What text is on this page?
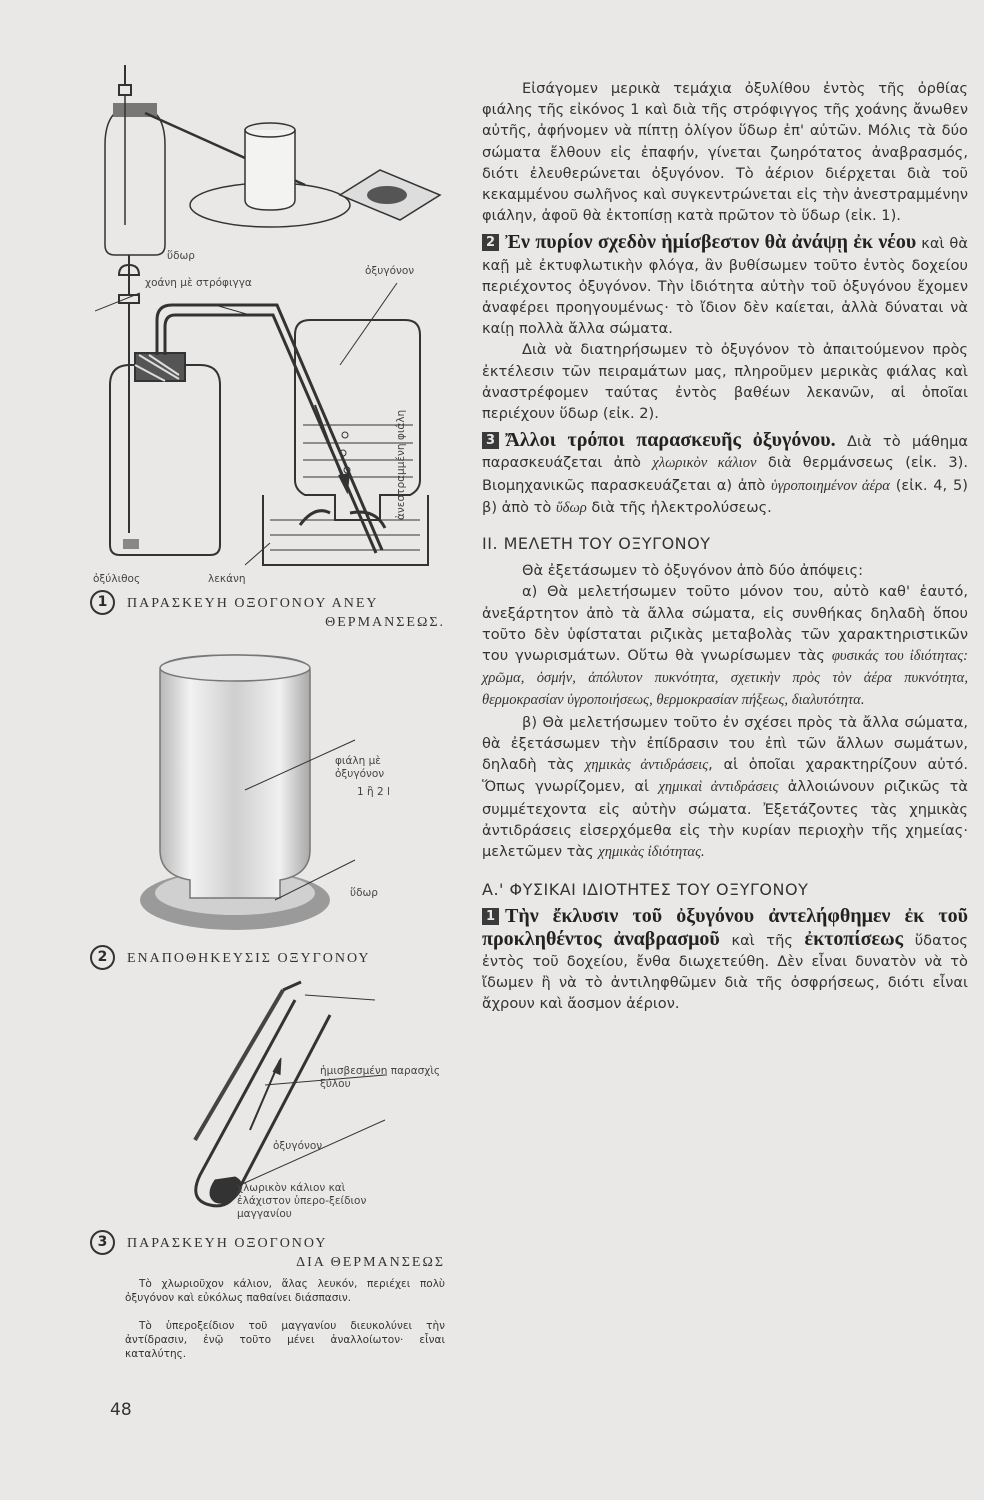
ὕδωρ
χοάνη μὲ στρόφιγγα
ὀξυγόνον
ἀνεστραμμένη φιάλη
ὀξύλιθος	λεκάνη
1 ΠΑΡΑΣΚΕΥΗ ΟΞΟΓΟΝΟΥ ΑΝΕΥ
ΘΕΡΜΑΝΣΕΩΣ.
φιάλη μὲ ὀξυγόνον
1 ἢ 2 l
ὕδωρ
2 ΕΝΑΠΟΘΗΚΕΥΣΙΣ ΟΞΥΓΟΝΟΥ
ἡμισβεσμένη παρασχὶς ξύλου
ὀξυγόνον
χλωρικὸν κάλιον καὶ ἐλάχιστον ὑπερο-ξείδιον μαγγανίου
3 ΠΑΡΑΣΚΕΥΗ ΟΞΟΓΟΝΟΥ
ΔΙΑ ΘΕΡΜΑΝΣΕΩΣ
Τὸ χλωριοῦχον κάλιον, ἅλας λευκόν, περιέχει πολὺ ὀξυγόνον καὶ εὐκόλως παθαίνει διάσπασιν.
Τὸ ὑπεροξείδιον τοῦ μαγγανίου διευκολύνει τὴν ἀντίδρασιν, ἐνῷ τοῦτο μένει ἀναλλοίωτον· εἶναι καταλύτης.

Εἰσάγομεν μερικὰ τεμάχια ὀξυλίθου ἐντὸς τῆς ὀρθίας φιάλης τῆς εἰκόνος 1 καὶ διὰ τῆς στρόφιγγος τῆς χοάνης ἄνωθεν αὐτῆς, ἀφήνομεν νὰ πίπτῃ ὀλίγον ὕδωρ ἐπ' αὐτῶν. Μόλις τὰ δύο σώματα ἔλθουν εἰς ἐπαφήν, γίνεται ζωηρότατος ἀναβρασμός, διότι ἐλευθερώνεται ὀξυγόνον. Τὸ ἀέριον διέρχεται διὰ τοῦ κεκαμμένου σωλῆνος καὶ συγκεντρώνεται εἰς τὴν ἀνεστραμμένην φιάλην, ἀφοῦ θὰ ἐκτοπίσῃ κατὰ πρῶτον τὸ ὕδωρ (εἰκ. 1).

2 Ἐν πυρίον σχεδὸν ἡμίσβεστον θὰ ἀνάψῃ ἐκ νέου καὶ θὰ καῇ μὲ ἐκτυφλωτικὴν φλόγα, ἂν βυθίσωμεν τοῦτο ἐντὸς δοχείου περιέχοντος ὀξυγόνον. Τὴν ἰδιότητα αὐτὴν τοῦ ὀξυγόνου ἔχομεν ἀναφέρει προηγουμένως· τὸ ἴδιον δὲν καίεται, ἀλλὰ δύναται νὰ καίῃ πολλὰ ἄλλα σώματα.

Διὰ νὰ διατηρήσωμεν τὸ ὀξυγόνον τὸ ἀπαιτούμενον πρὸς ἐκτέλεσιν τῶν πειραμάτων μας, πληροῦμεν μερικὰς φιάλας καὶ ἀναστρέφομεν ταύτας ἐντὸς βαθέων λεκανῶν, αἱ ὁποῖαι περιέχουν ὕδωρ (εἰκ. 2).

3 Ἄλλοι τρόποι παρασκευῆς ὀξυγόνου. Διὰ τὸ μάθημα παρασκευάζεται ἀπὸ χλωρικὸν κάλιον διὰ θερμάνσεως (εἰκ. 3). Βιομηχανικῶς παρασκευάζεται α) ἀπὸ ὑγροποιημένον ἀέρα (εἰκ. 4, 5) β) ἀπὸ τὸ ὕδωρ διὰ τῆς ἠλεκτρολύσεως.

ΙΙ. ΜΕΛΕΤΗ ΤΟΥ ΟΞΥΓΟΝΟΥ

Θὰ ἐξετάσωμεν τὸ ὀξυγόνον ἀπὸ δύο ἀπόψεις:

α) Θὰ μελετήσωμεν τοῦτο μόνον του, αὐτὸ καθ' ἑαυτό, ἀνεξάρτητον ἀπὸ τὰ ἄλλα σώματα, εἰς συνθήκας δηλαδὴ ὅπου τοῦτο δὲν ὑφίσταται ριζικὰς μεταβολὰς τῶν χαρακτηριστικῶν του γνωρισμάτων. Οὕτω θὰ γνωρίσωμεν τὰς φυσικάς του ἰδιότητας: χρῶμα, ὀσμήν, ἀπόλυτον πυκνότητα, σχετικὴν πρὸς τὸν ἀέρα πυκνότητα, θερμοκρασίαν ὑγροποιήσεως, θερμοκρασίαν πήξεως, διαλυτότητα.

β) Θὰ μελετήσωμεν τοῦτο ἐν σχέσει πρὸς τὰ ἄλλα σώματα, θὰ ἐξετάσωμεν τὴν ἐπίδρασιν του ἐπὶ τῶν ἄλλων σωμάτων, δηλαδὴ τὰς χημικὰς ἀντιδράσεις, αἱ ὁποῖαι χαρακτηρίζουν αὐτό. Ὅπως γνωρίζομεν, αἱ χημικαὶ ἀντιδράσεις ἀλλοιώνουν ριζικῶς τὰ συμμέτεχοντα εἰς αὐτὴν σώματα. Ἐξετάζοντες τὰς χημικὰς ἀντιδράσεις εἰσερχόμεθα εἰς τὴν κυρίαν περιοχὴν τῆς χημείας· μελετῶμεν τὰς χημικὰς ἰδιότητας.

Α.' ΦΥΣΙΚΑΙ ΙΔΙΟΤΗΤΕΣ ΤΟΥ ΟΞΥΓΟΝΟΥ

1 Τὴν ἔκλυσιν τοῦ ὀξυγόνου ἀντελήφθημεν ἐκ τοῦ προκληθέντος ἀναβρασμοῦ καὶ τῆς ἐκτοπίσεως ὕδατος ἐντὸς τοῦ δοχείου, ἔνθα διωχετεύθη. Δὲν εἶναι δυνατὸν νὰ τὸ ἴδωμεν ἢ νὰ τὸ ἀντιληφθῶμεν διὰ τῆς ὀσφρήσεως, διότι εἶναι ἄχρουν καὶ ἄοσμον ἀέριον.

48
